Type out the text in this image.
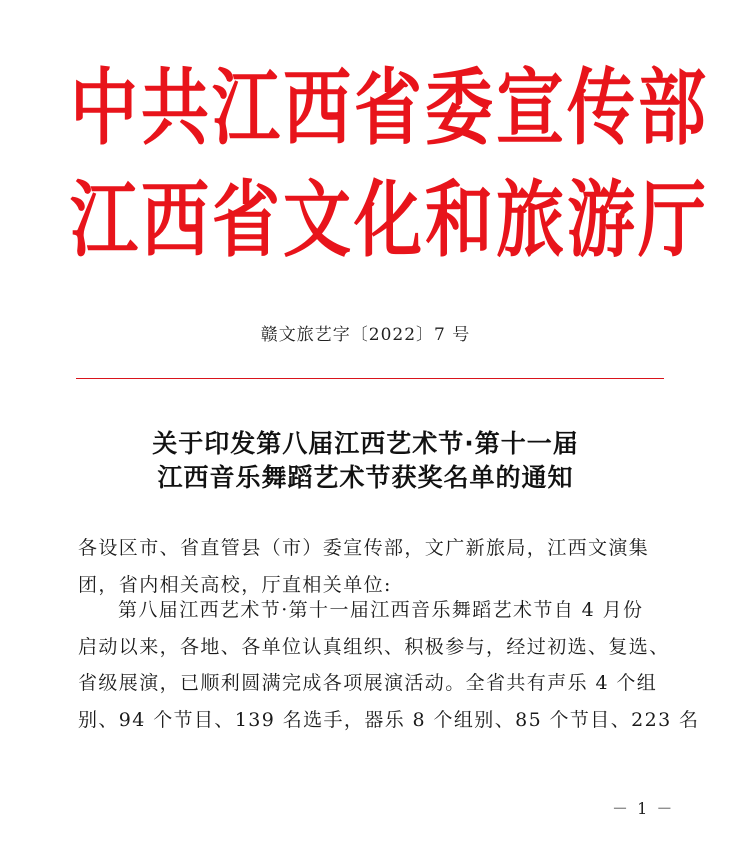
中共江西省委宣传部
江西省文化和旅游厅
赣文旅艺字〔2022〕7 号
关于印发第八届江西艺术节·第十一届
江西音乐舞蹈艺术节获奖名单的通知
各设区市、省直管县（市）委宣传部，文广新旅局，江西文演集
团，省内相关高校，厅直相关单位:
第八届江西艺术节·第十一届江西音乐舞蹈艺术节自 4 月份
启动以来，各地、各单位认真组织、积极参与，经过初选、复选、
省级展演，已顺利圆满完成各项展演活动。全省共有声乐 4 个组
别、94 个节目、139 名选手，器乐 8 个组别、85 个节目、223 名
－ 1 －
